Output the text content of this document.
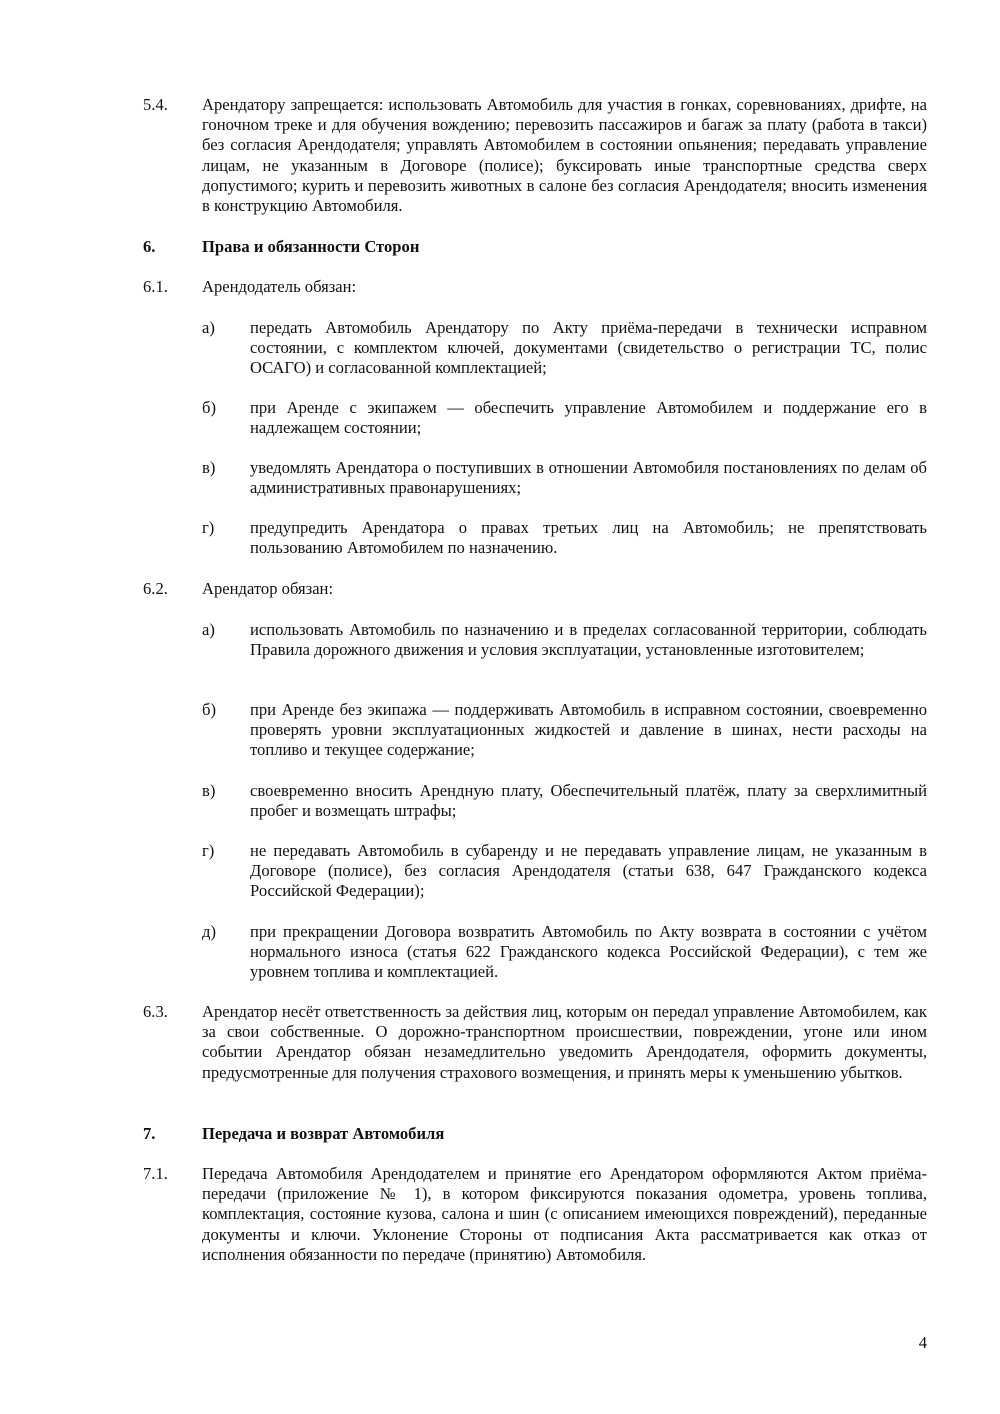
5.4.	Арендатору запрещается: использовать Автомобиль для участия в гонках, соревнованиях, дрифте, на гоночном треке и для обучения вождению; перевозить пассажиров и багаж за плату (работа в такси) без согласия Арендодателя; управлять Автомобилем в состоянии опьянения; передавать управление лицам, не указанным в Договоре (полисе); буксировать иные транспортные средства сверх допустимого; курить и перевозить животных в салоне без согласия Арендодателя; вносить изменения в конструкцию Автомобиля.
6.	Права и обязанности Сторон
6.1.	Арендодатель обязан:
а)	передать Автомобиль Арендатору по Акту приёма-передачи в технически исправном состоянии, с комплектом ключей, документами (свидетельство о регистрации ТС, полис ОСАГО) и согласованной комплектацией;
б)	при Аренде с экипажем — обеспечить управление Автомобилем и поддержание его в надлежащем состоянии;
в)	уведомлять Арендатора о поступивших в отношении Автомобиля постановлениях по делам об административных правонарушениях;
г)	предупредить Арендатора о правах третьих лиц на Автомобиль; не препятствовать пользованию Автомобилем по назначению.
6.2.	Арендатор обязан:
а)	использовать Автомобиль по назначению и в пределах согласованной территории, соблюдать Правила дорожного движения и условия эксплуатации, установленные изготовителем;
б)	при Аренде без экипажа — поддерживать Автомобиль в исправном состоянии, своевременно проверять уровни эксплуатационных жидкостей и давление в шинах, нести расходы на топливо и текущее содержание;
в)	своевременно вносить Арендную плату, Обеспечительный платёж, плату за сверхлимитный пробег и возмещать штрафы;
г)	не передавать Автомобиль в субаренду и не передавать управление лицам, не указанным в Договоре (полисе), без согласия Арендодателя (статьи 638, 647 Гражданского кодекса Российской Федерации);
д)	при прекращении Договора возвратить Автомобиль по Акту возврата в состоянии с учётом нормального износа (статья 622 Гражданского кодекса Российской Федерации), с тем же уровнем топлива и комплектацией.
6.3.	Арендатор несёт ответственность за действия лиц, которым он передал управление Автомобилем, как за свои собственные. О дорожно-транспортном происшествии, повреждении, угоне или ином событии Арендатор обязан незамедлительно уведомить Арендодателя, оформить документы, предусмотренные для получения страхового возмещения, и принять меры к уменьшению убытков.
7.	Передача и возврат Автомобиля
7.1.	Передача Автомобиля Арендодателем и принятие его Арендатором оформляются Актом приёма-передачи (приложение № 1), в котором фиксируются показания одометра, уровень топлива, комплектация, состояние кузова, салона и шин (с описанием имеющихся повреждений), переданные документы и ключи. Уклонение Стороны от подписания Акта рассматривается как отказ от исполнения обязанности по передаче (принятию) Автомобиля.
4
